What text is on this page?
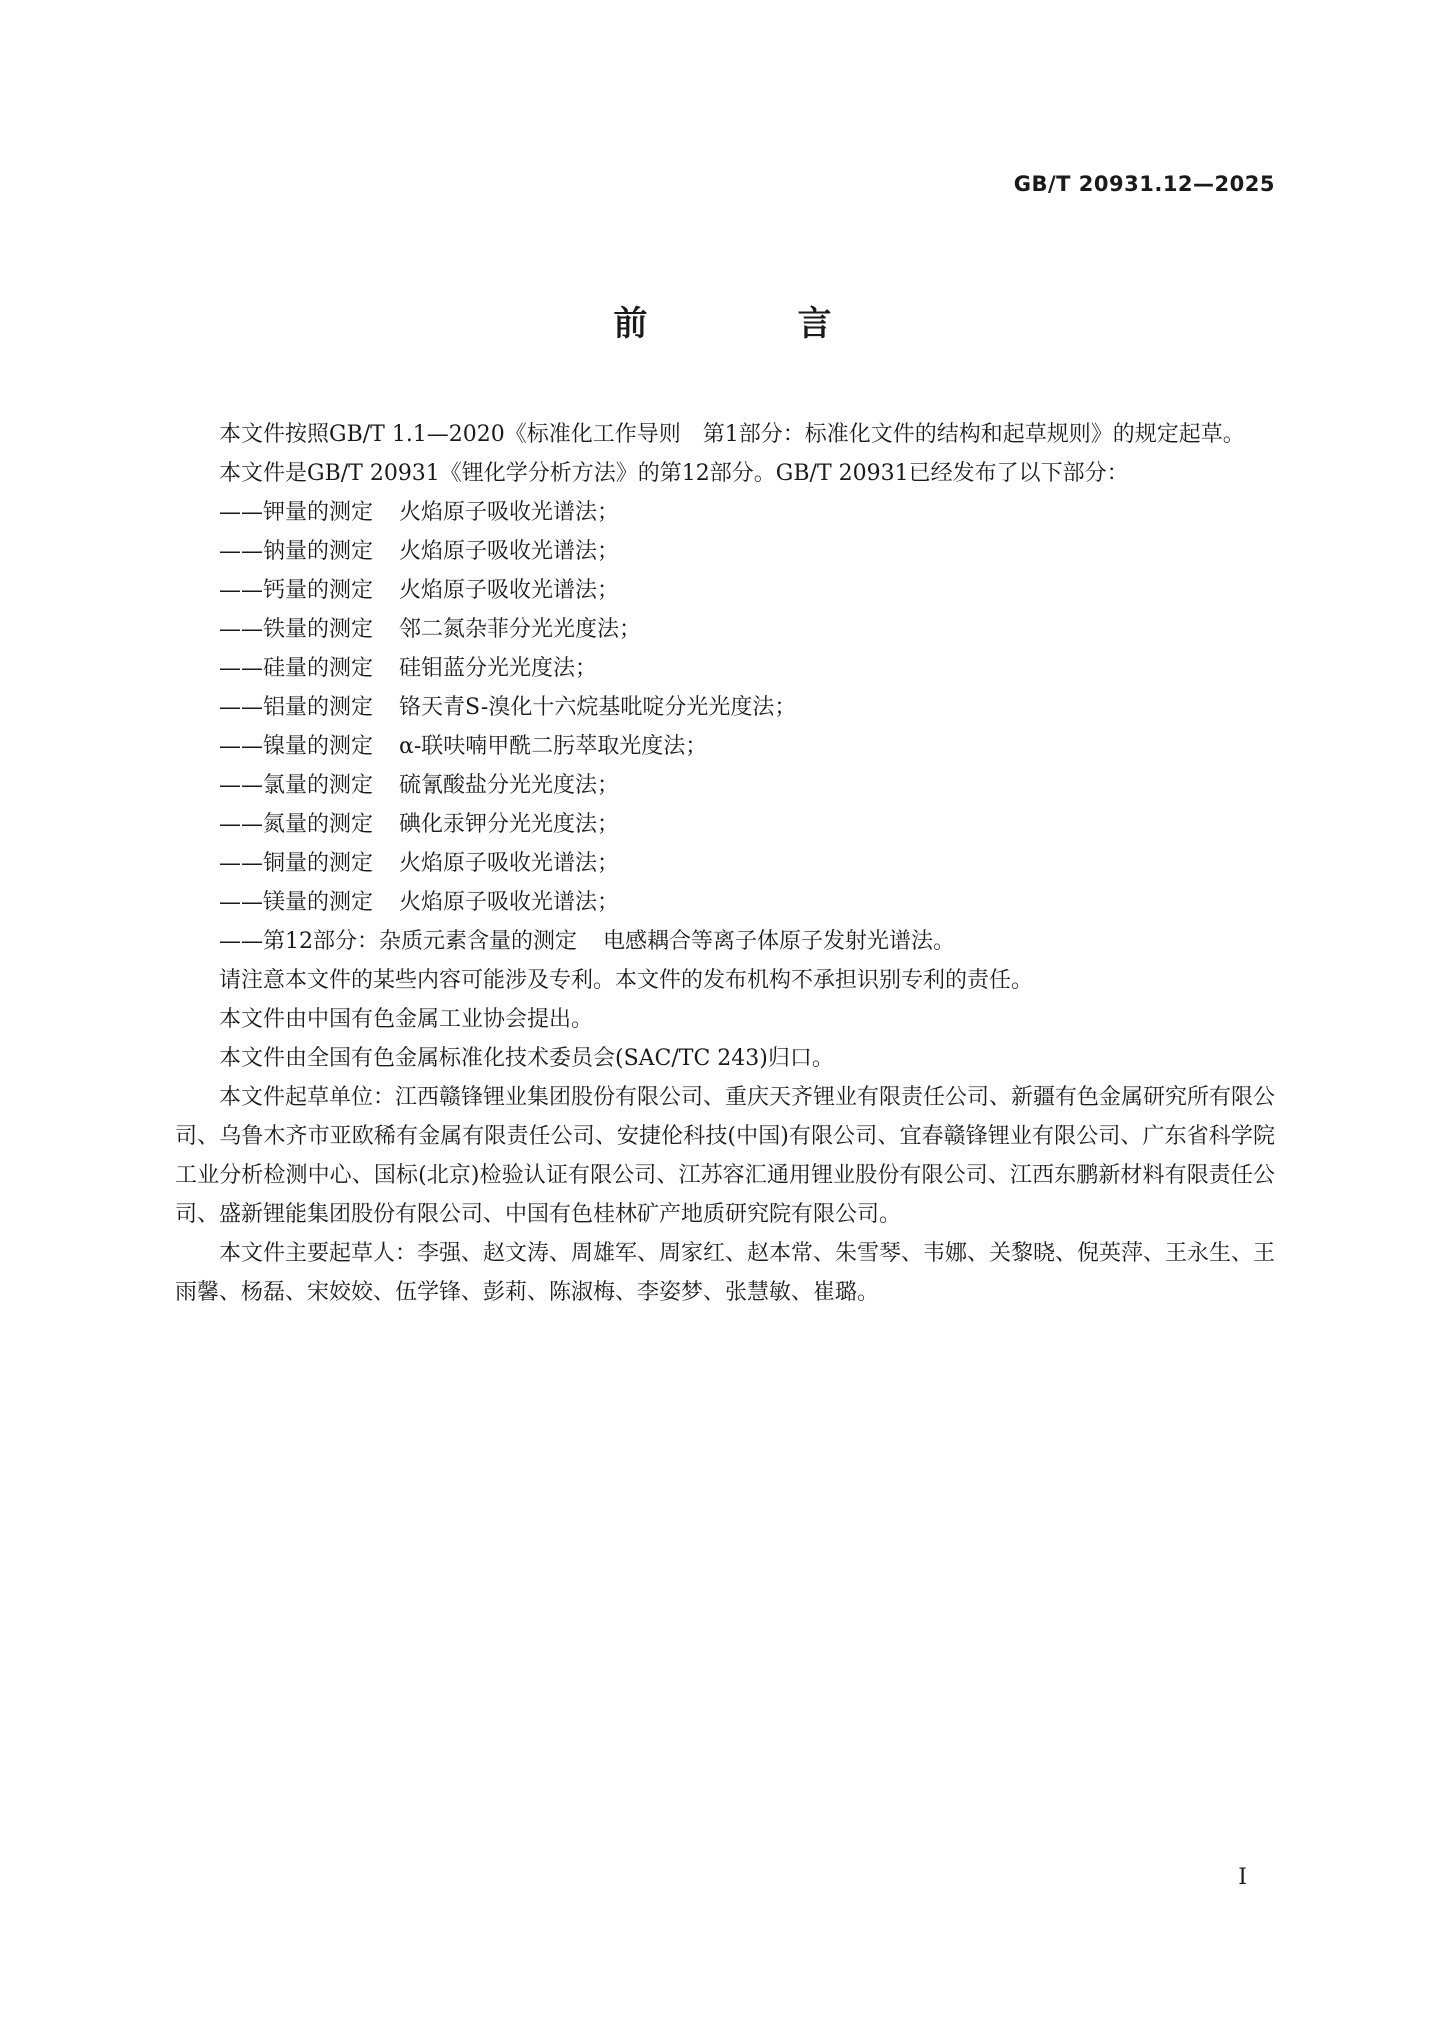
GB/T 20931.12—2025
前　言

本文件按照GB/T 1.1—2020《标准化工作导则　第1部分：标准化文件的结构和起草规则》的规定起草。

本文件是GB/T 20931《锂化学分析方法》的第12部分。GB/T 20931已经发布了以下部分：

——钾量的测定 火焰原子吸收光谱法；
——钠量的测定 火焰原子吸收光谱法；
——钙量的测定 火焰原子吸收光谱法；
——铁量的测定 邻二氮杂菲分光光度法；
——硅量的测定 硅钼蓝分光光度法；
——铝量的测定 铬天青S-溴化十六烷基吡啶分光光度法；
——镍量的测定 α-联呋喃甲酰二肟萃取光度法；
——氯量的测定 硫氰酸盐分光光度法；
——氮量的测定 碘化汞钾分光光度法；
——铜量的测定 火焰原子吸收光谱法；
——镁量的测定 火焰原子吸收光谱法；
——第12部分：杂质元素含量的测定 电感耦合等离子体原子发射光谱法。

请注意本文件的某些内容可能涉及专利。本文件的发布机构不承担识别专利的责任。

本文件由中国有色金属工业协会提出。

本文件由全国有色金属标准化技术委员会(SAC/TC 243)归口。

本文件起草单位：江西赣锋锂业集团股份有限公司、重庆天齐锂业有限责任公司、新疆有色金属研究所有限公司、乌鲁木齐市亚欧稀有金属有限责任公司、安捷伦科技(中国)有限公司、宜春赣锋锂业有限公司、广东省科学院工业分析检测中心、国标(北京)检验认证有限公司、江苏容汇通用锂业股份有限公司、江西东鹏新材料有限责任公司、盛新锂能集团股份有限公司、中国有色桂林矿产地质研究院有限公司。

本文件主要起草人：李强、赵文涛、周雄军、周家红、赵本常、朱雪琴、韦娜、关黎晓、倪英萍、王永生、王雨馨、杨磊、宋姣姣、伍学锋、彭莉、陈淑梅、李姿梦、张慧敏、崔璐。

I
